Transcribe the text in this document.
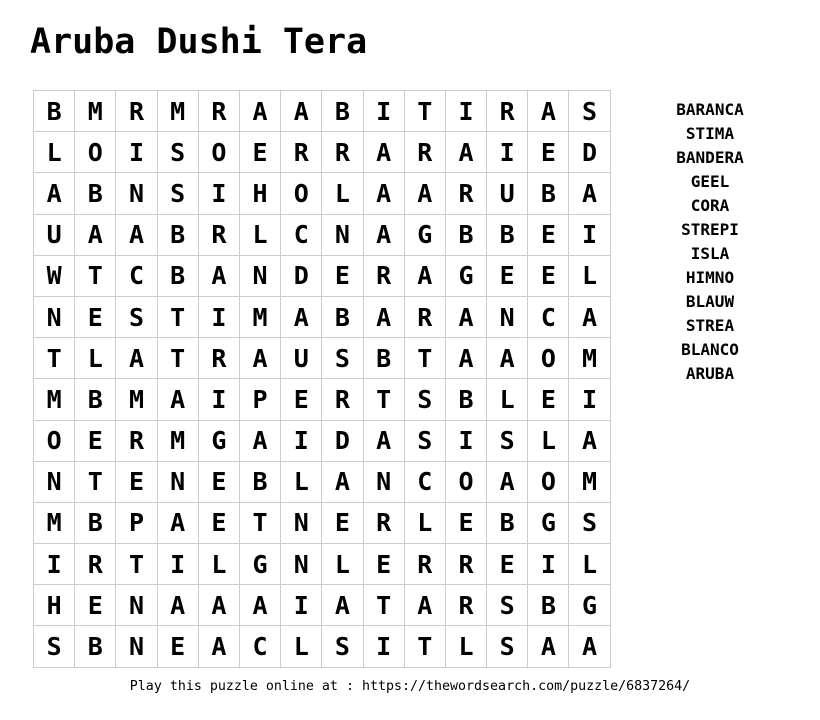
Aruba Dushi Tera
B	M	R	M	R	A	A	B	I	T	I	R	A	S
L	O	I	S	O	E	R	R	A	R	A	I	E	D
A	B	N	S	I	H	O	L	A	A	R	U	B	A
U	A	A	B	R	L	C	N	A	G	B	B	E	I
W	T	C	B	A	N	D	E	R	A	G	E	E	L
N	E	S	T	I	M	A	B	A	R	A	N	C	A
T	L	A	T	R	A	U	S	B	T	A	A	O	M
M	B	M	A	I	P	E	R	T	S	B	L	E	I
O	E	R	M	G	A	I	D	A	S	I	S	L	A
N	T	E	N	E	B	L	A	N	C	O	A	O	M
M	B	P	A	E	T	N	E	R	L	E	B	G	S
I	R	T	I	L	G	N	L	E	R	R	E	I	L
H	E	N	A	A	A	I	A	T	A	R	S	B	G
S	B	N	E	A	C	L	S	I	T	L	S	A	A
BARANCA
STIMA
BANDERA
GEEL
CORA
STREPI
ISLA
HIMNO
BLAUW
STREA
BLANCO
ARUBA
Play this puzzle online at : https://thewordsearch.com/puzzle/6837264/
